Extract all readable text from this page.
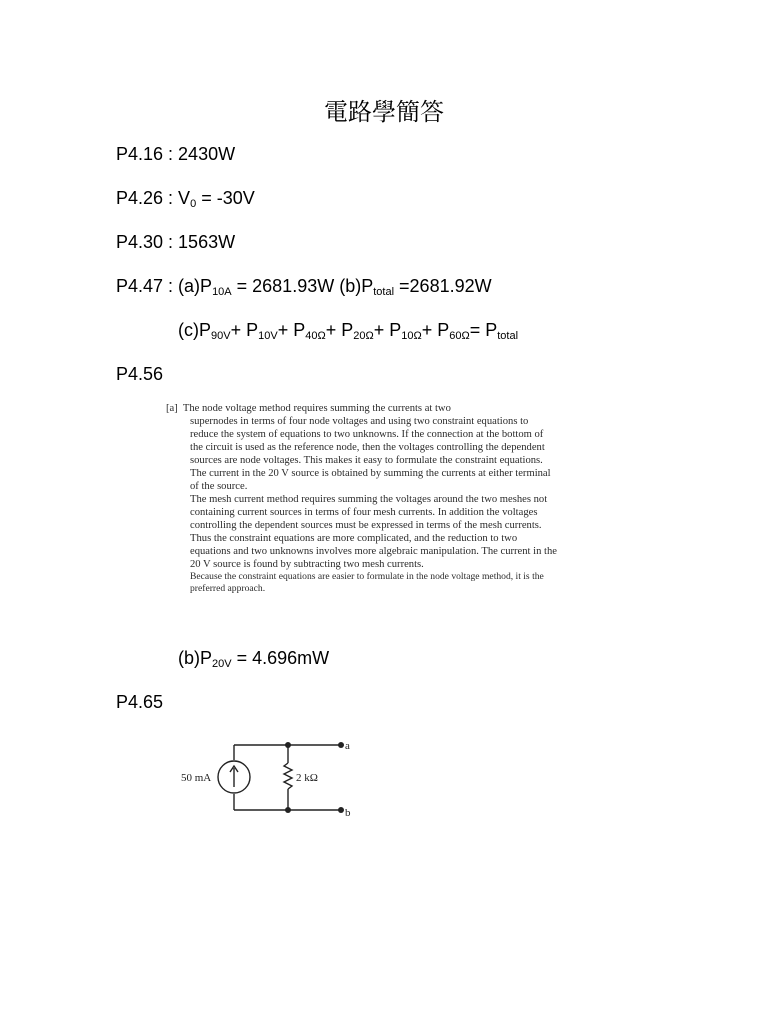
電路學簡答
P4.16 : 2430W
P4.26 : $V_0 = -30V$
P4.30 : 1563W
P4.47 : $(a)P_{10A} = 2681.93W$ $(b)P_{total} =2681.92W$
$(c)P_{90V}+ P_{10V}+ P_{40\Omega}+ P_{20\Omega}+ P_{10\Omega}+ P_{60\Omega}= P_{total}$
P4.56

[a] The node voltage method requires summing the currents at two

supernodes in terms of four node voltages and using two constraint equations to reduce the system of equations to two unknowns. If the connection at the bottom of the circuit is used as the reference node, then the voltages controlling the dependent sources are node voltages. This makes it easy to formulate the constraint equations. The current in the 20 V source is obtained by summing the currents at either terminal of the source.

The mesh current method requires summing the voltages around the two meshes not containing current sources in terms of four mesh currents. In addition the voltages controlling the dependent sources must be expressed in terms of the mesh currents. Thus the constraint equations are more complicated, and the reduction to two equations and two unknowns involves more algebraic manipulation. The current in the 20 V source is found by subtracting two mesh currents.

Because the constraint equations are easier to formulate in the node voltage method, it is the preferred approach.

$(b)P_{20V} = 4.696mW$
P4.65
50 mA	2 kΩ
a
b
